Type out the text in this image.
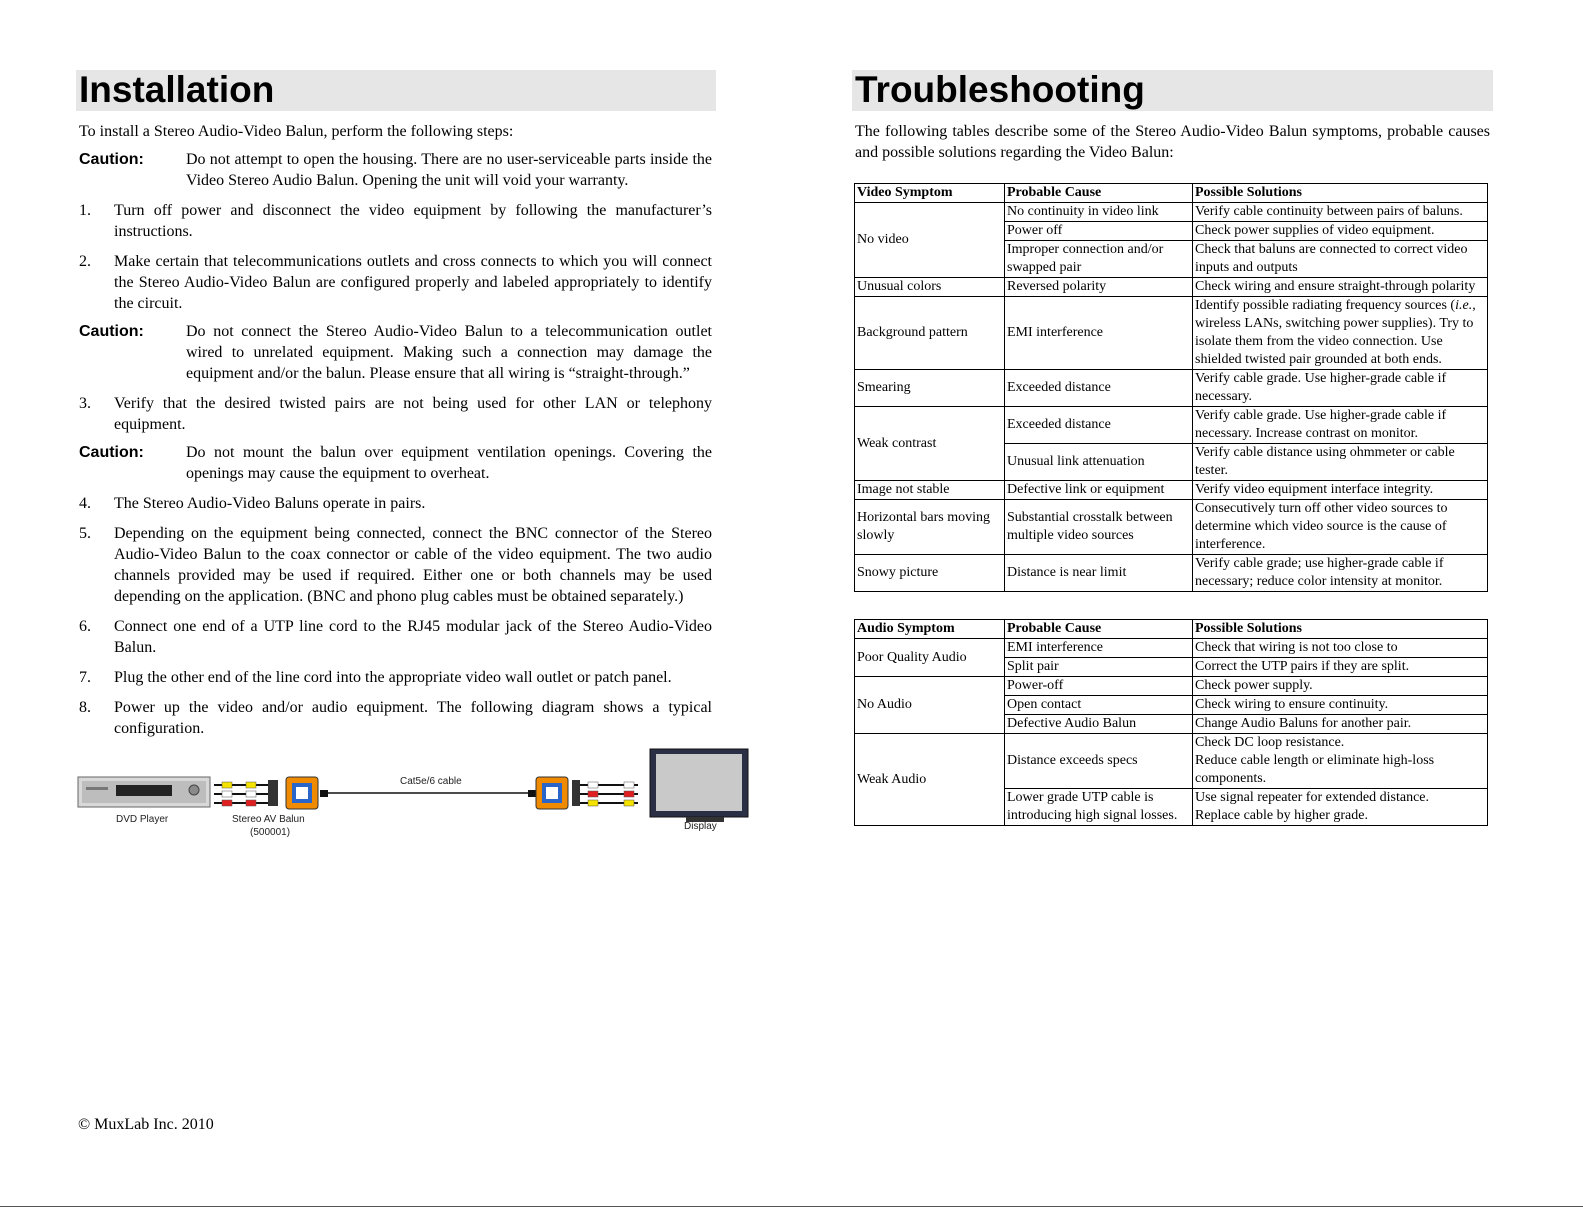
Installation

To install a Stereo Audio-Video Balun, perform the following steps:

Caution:	Do not attempt to open the housing. There are no user-serviceable parts inside the Video Stereo Audio Balun. Opening the unit will void your warranty.
1.	Turn off power and disconnect the video equipment by following the manufacturer’s instructions.
2.	Make certain that telecommunications outlets and cross connects to which you will connect the Stereo Audio-Video Balun are configured properly and labeled appropriately to identify the circuit.
Caution:	Do not connect the Stereo Audio-Video Balun to a telecommunication outlet wired to unrelated equipment. Making such a connection may damage the equipment and/or the balun. Please ensure that all wiring is “straight-through.”
3.	Verify that the desired twisted pairs are not being used for other LAN or telephony equipment.
Caution:	Do not mount the balun over equipment ventilation openings. Covering the openings may cause the equipment to overheat.
4.	The Stereo Audio-Video Baluns operate in pairs.
5.	Depending on the equipment being connected, connect the BNC connector of the Stereo Audio-Video Balun to the coax connector or cable of the video equipment. The two audio channels provided may be used if required. Either one or both channels may be used depending on the application. (BNC and phono plug cables must be obtained separately.)
6.	Connect one end of a UTP line cord to the RJ45 modular jack of the Stereo Audio-Video Balun.
7.	Plug the other end of the line cord into the appropriate video wall outlet or patch panel.
8.	Power up the video and/or audio equipment. The following diagram shows a typical configuration.
DVD Player	Stereo AV Balun
(500001)
Cat5e/6 cable
Display
Troubleshooting

The following tables describe some of the Stereo Audio-Video Balun symptoms, probable causes and possible solutions regarding the Video Balun:

Video Symptom	Probable Cause	Possible Solutions
No video	No continuity in video link	Verify cable continuity between pairs of baluns.
	Power off	Check power supplies of video equipment.
	Improper connection and/or swapped pair	Check that baluns are connected to correct video inputs and outputs
Unusual colors	Reversed polarity	Check wiring and ensure straight-through polarity
Background pattern	EMI interference	Identify possible radiating frequency sources (i.e., wireless LANs, switching power supplies). Try to isolate them from the video connection. Use shielded twisted pair grounded at both ends.
Smearing	Exceeded distance	Verify cable grade. Use higher-grade cable if necessary.
Weak contrast	Exceeded distance	Verify cable grade. Use higher-grade cable if necessary. Increase contrast on monitor.
	Unusual link attenuation	Verify cable distance using ohmmeter or cable tester.
Image not stable	Defective link or equipment	Verify video equipment interface integrity.
Horizontal bars moving slowly	Substantial crosstalk between multiple video sources	Consecutively turn off other video sources to determine which video source is the cause of interference.
Snowy picture	Distance is near limit	Verify cable grade; use higher-grade cable if necessary; reduce color intensity at monitor.
Audio Symptom	Probable Cause	Possible Solutions
Poor Quality Audio	EMI interference	Check that wiring is not too close to
	Split pair	Correct the UTP pairs if they are split.
No Audio	Power-off	Check power supply.
	Open contact	Check wiring to ensure continuity.
	Defective Audio Balun	Change Audio Baluns for another pair.
Weak Audio	Distance exceeds specs	Check DC loop resistance.
Reduce cable length or eliminate high-loss components.
	Lower grade UTP cable is introducing high signal losses.	Use signal repeater for extended distance.
Replace cable by higher grade.
© MuxLab Inc. 2010
